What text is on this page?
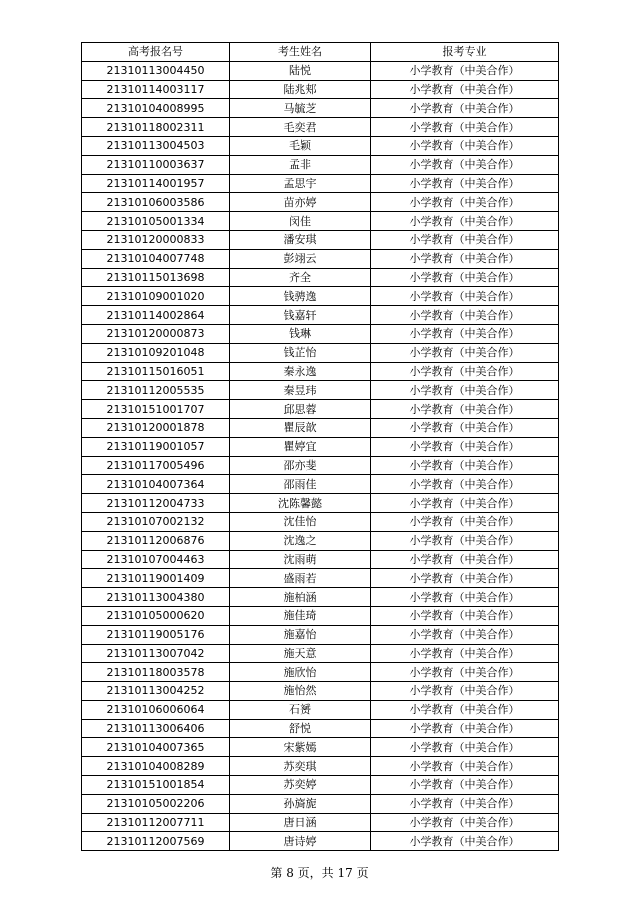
高考报名号	考生姓名	报考专业
21310113004450	陆悦	小学教育（中美合作）
21310114003117	陆兆郏	小学教育（中美合作）
21310104008995	马毓芝	小学教育（中美合作）
21310118002311	毛奕君	小学教育（中美合作）
21310113004503	毛颖	小学教育（中美合作）
21310110003637	孟非	小学教育（中美合作）
21310114001957	孟思宇	小学教育（中美合作）
21310106003586	苗亦婷	小学教育（中美合作）
21310105001334	闵佳	小学教育（中美合作）
21310120000833	潘安琪	小学教育（中美合作）
21310104007748	彭翊云	小学教育（中美合作）
21310115013698	齐全	小学教育（中美合作）
21310109001020	钱骋逸	小学教育（中美合作）
21310114002864	钱嘉轩	小学教育（中美合作）
21310120000873	钱琳	小学教育（中美合作）
21310109201048	钱芷怡	小学教育（中美合作）
21310115016051	秦永逸	小学教育（中美合作）
21310112005535	秦昱玮	小学教育（中美合作）
21310151001707	邱思蓉	小学教育（中美合作）
21310120001878	瞿辰歆	小学教育（中美合作）
21310119001057	瞿婷宜	小学教育（中美合作）
21310117005496	邵亦斐	小学教育（中美合作）
21310104007364	邵雨佳	小学教育（中美合作）
21310112004733	沈陈馨懿	小学教育（中美合作）
21310107002132	沈佳怡	小学教育（中美合作）
21310112006876	沈逸之	小学教育（中美合作）
21310107004463	沈雨萌	小学教育（中美合作）
21310119001409	盛雨若	小学教育（中美合作）
21310113004380	施柏涵	小学教育（中美合作）
21310105000620	施佳琦	小学教育（中美合作）
21310119005176	施嘉怡	小学教育（中美合作）
21310113007042	施天意	小学教育（中美合作）
21310118003578	施欣怡	小学教育（中美合作）
21310113004252	施怡然	小学教育（中美合作）
21310106006064	石赟	小学教育（中美合作）
21310113006406	舒悦	小学教育（中美合作）
21310104007365	宋紫嫣	小学教育（中美合作）
21310104008289	苏奕琪	小学教育（中美合作）
21310151001854	苏奕婷	小学教育（中美合作）
21310105002206	孙旖旎	小学教育（中美合作）
21310112007711	唐日涵	小学教育（中美合作）
21310112007569	唐诗婷	小学教育（中美合作）
第 8 页，共 17 页
